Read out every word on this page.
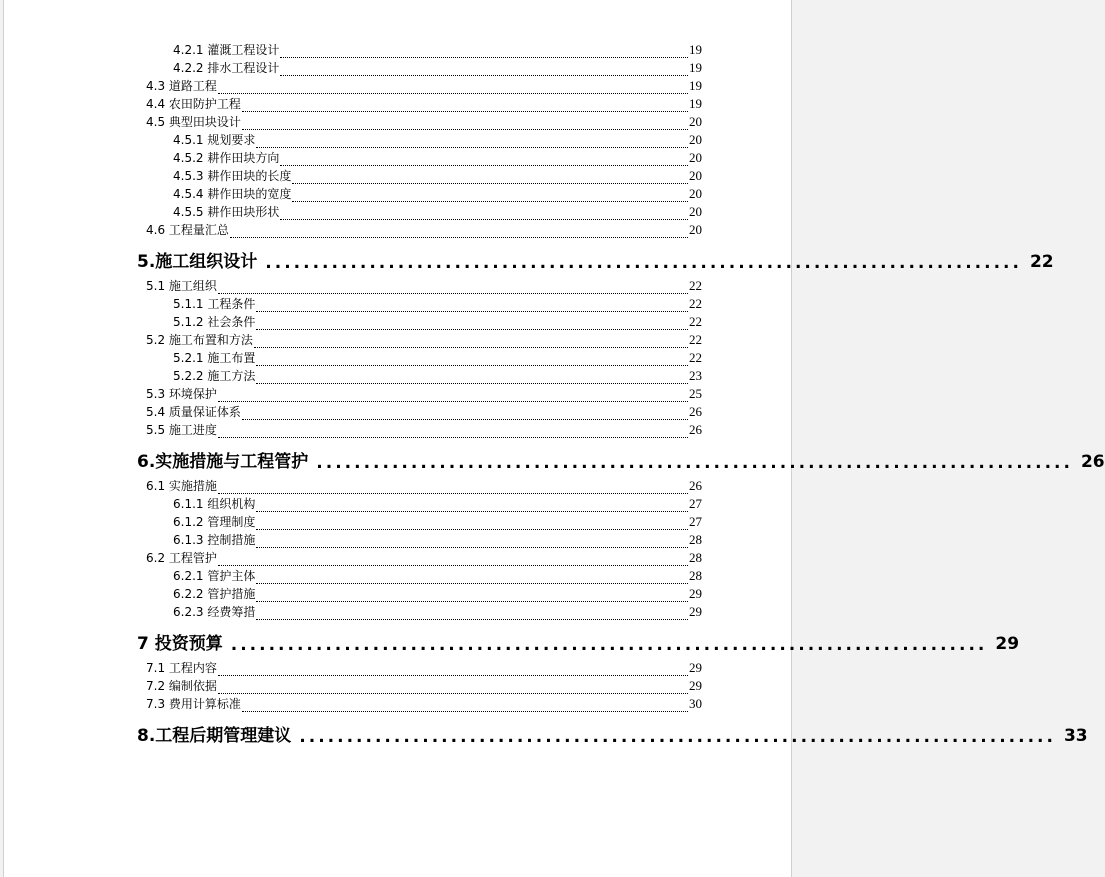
4.2.1 灌溉工程设计	19
4.2.2 排水工程设计	19
4.3 道路工程	19
4.4 农田防护工程	19
4.5 典型田块设计	20
4.5.1 规划要求	20
4.5.2 耕作田块方向	20
4.5.3 耕作田块的长度	20
4.5.4 耕作田块的宽度	20
4.5.5 耕作田块形状	20
4.6 工程量汇总	20
5.施工组织设计 ................................................................................ 22
5.1 施工组织	22
5.1.1 工程条件	22
5.1.2 社会条件	22
5.2 施工布置和方法	22
5.2.1 施工布置	22
5.2.2 施工方法	23
5.3 环境保护	25
5.4 质量保证体系	26
5.5 施工进度	26
6.实施措施与工程管护 ................................................................................ 26
6.1 实施措施	26
6.1.1 组织机构	27
6.1.2 管理制度	27
6.1.3 控制措施	28
6.2 工程管护	28
6.2.1 管护主体	28
6.2.2 管护措施	29
6.2.3 经费筹措	29
7 投资预算 ................................................................................ 29
7.1 工程内容	29
7.2 编制依据	29
7.3 费用计算标准	30
8.工程后期管理建议 ................................................................................ 33
